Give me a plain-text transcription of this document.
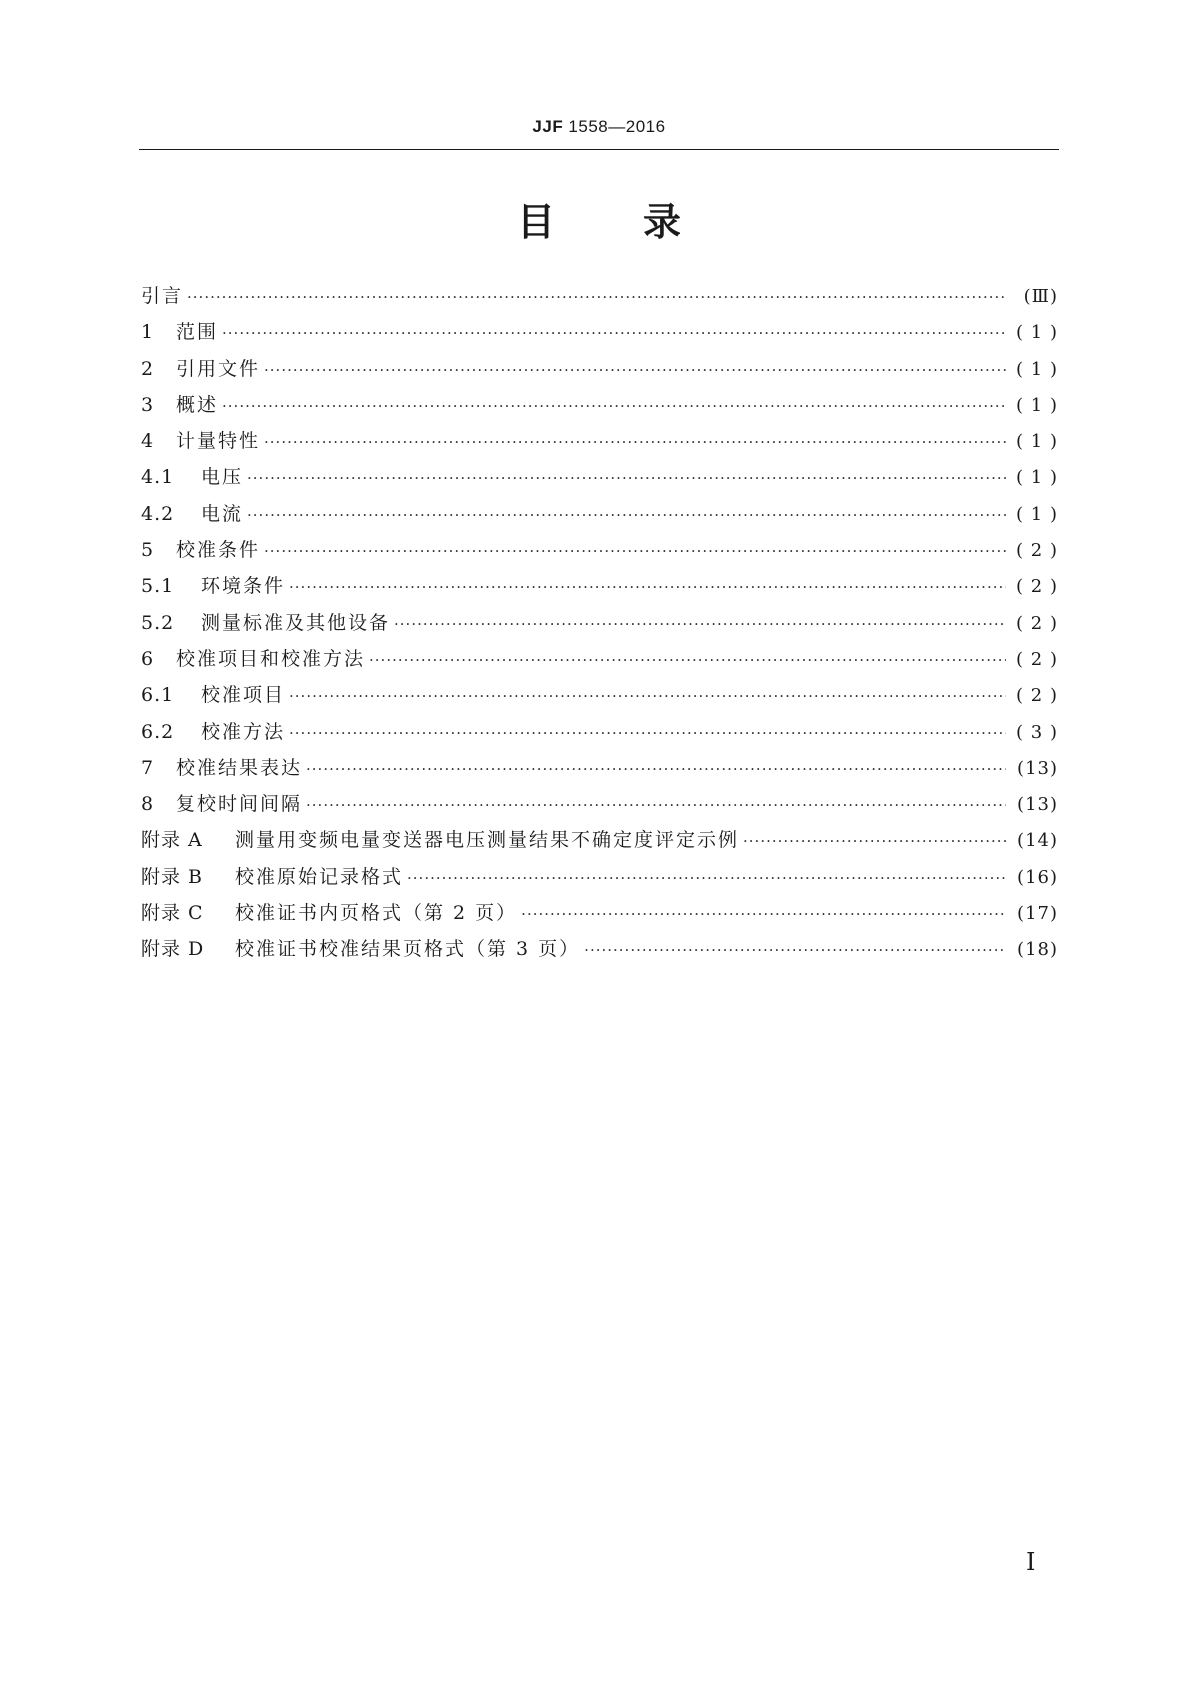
JJF 1558—2016
目 录
引言 ·····	(Ⅲ)
1	范围 ·····	( 1 )
2	引用文件 ·····	( 1 )
3	概述 ·····	( 1 )
4	计量特性 ·····	( 1 )
4.1	电压 ·····	( 1 )
4.2	电流 ·····	( 1 )
5	校准条件 ·····	( 2 )
5.1	环境条件 ·····	( 2 )
5.2	测量标准及其他设备 ·····	( 2 )
6	校准项目和校准方法 ·····	( 2 )
6.1	校准项目 ·····	( 2 )
6.2	校准方法 ·····	( 3 )
7	校准结果表达 ·····	(13)
8	复校时间间隔 ·····	(13)
附录 A	测量用变频电量变送器电压测量结果不确定度评定示例 ·····	(14)
附录 B	校准原始记录格式 ·····	(16)
附录 C	校准证书内页格式（第 2 页） ·····	(17)
附录 D	校准证书校准结果页格式（第 3 页） ·····	(18)
I
